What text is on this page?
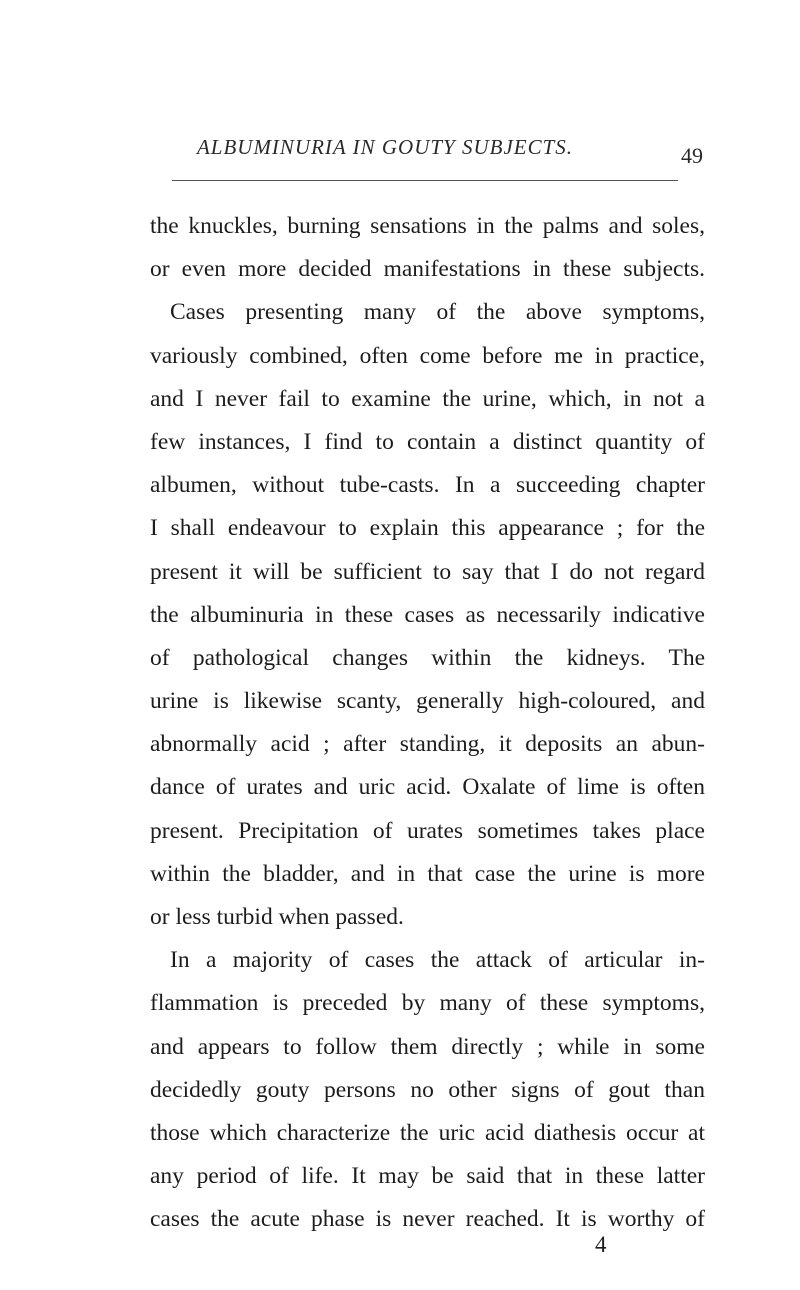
ALBUMINURIA IN GOUTY SUBJECTS.	49
the knuckles, burning sensations in the palms and soles,
or even more decided manifestations in these subjects.
Cases presenting many of the above symptoms,
variously combined, often come before me in practice,
and I never fail to examine the urine, which, in not a
few instances, I find to contain a distinct quantity of
albumen, without tube-casts. In a succeeding chapter
I shall endeavour to explain this appearance ; for the
present it will be sufficient to say that I do not regard
the albuminuria in these cases as necessarily indicative
of pathological changes within the kidneys. The
urine is likewise scanty, generally high-coloured, and
abnormally acid ; after standing, it deposits an abun-
dance of urates and uric acid. Oxalate of lime is often
present. Precipitation of urates sometimes takes place
within the bladder, and in that case the urine is more
or less turbid when passed.
In a majority of cases the attack of articular in-
flammation is preceded by many of these symptoms,
and appears to follow them directly ; while in some
decidedly gouty persons no other signs of gout than
those which characterize the uric acid diathesis occur at
any period of life. It may be said that in these latter
cases the acute phase is never reached. It is worthy of
4
